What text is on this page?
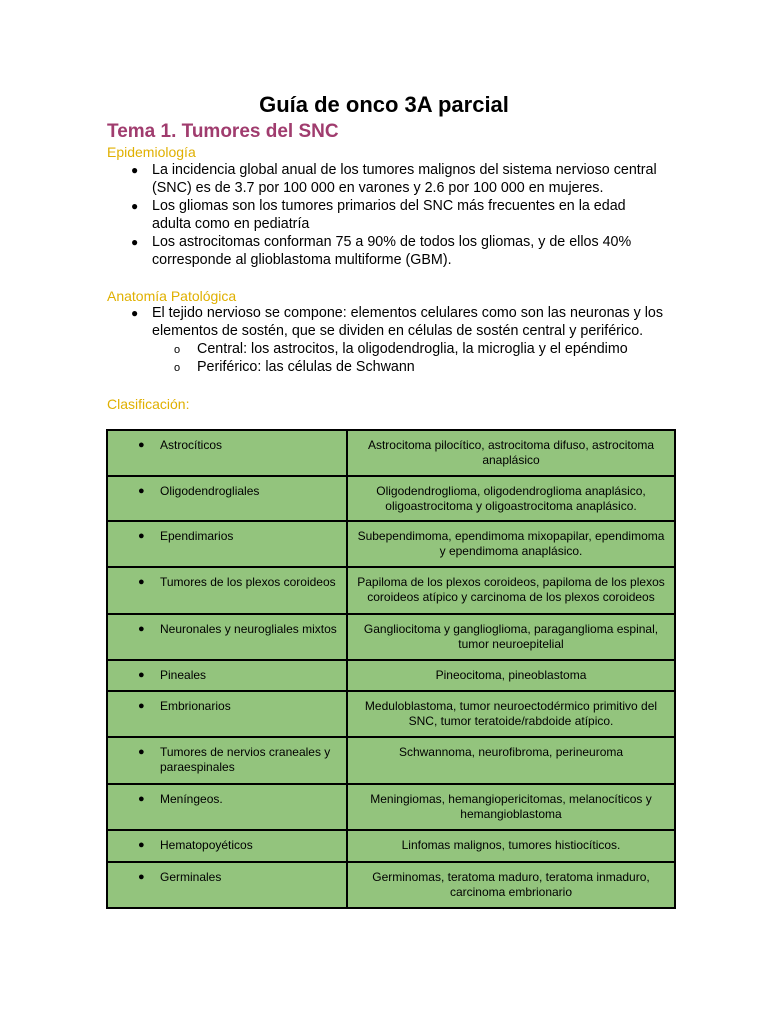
Guía de onco 3A parcial
Tema 1. Tumores del SNC
Epidemiología
● La incidencia global anual de los tumores malignos del sistema nervioso central (SNC) es de 3.7 por 100 000 en varones y 2.6 por 100 000 en mujeres.
● Los gliomas son los tumores primarios del SNC más frecuentes en la edad adulta como en pediatría
● Los astrocitomas conforman 75 a 90% de todos los gliomas, y de ellos 40% corresponde al glioblastoma multiforme (GBM).
Anatomía Patológica
● El tejido nervioso se compone: elementos celulares como son las neuronas y los elementos de sostén, que se dividen en células de sostén central y periférico.
o Central: los astrocitos, la oligodendroglia, la microglia y el epéndimo
o Periférico: las células de Schwann
Clasificación:
● Astrocíticos	Astrocitoma pilocítico, astrocitoma difuso, astrocitoma anaplásico

● Oligodendrogliales	Oligodendroglioma, oligodendroglioma anaplásico, oligoastrocitoma y oligoastrocitoma anaplásico.

● Ependimarios	Subependimoma, ependimoma mixopapilar, ependimoma y ependimoma anaplásico.

● Tumores de los plexos coroideos	Papiloma de los plexos coroideos, papiloma de los plexos coroideos atípico y carcinoma de los plexos coroideos

● Neuronales y neurogliales mixtos	Gangliocitoma y ganglioglioma, paraganglioma espinal, tumor neuroepitelial

● Pineales	Pineocitoma, pineoblastoma

● Embrionarios	Meduloblastoma, tumor neuroectodérmico primitivo del SNC, tumor teratoide/rabdoide atípico.

● Tumores de nervios craneales y paraespinales	Schwannoma, neurofibroma, perineuroma

● Meníngeos.	Meningiomas, hemangiopericitomas, melanocíticos y hemangioblastoma

● Hematopoyéticos	Linfomas malignos, tumores histiocíticos.

● Germinales	Germinomas, teratoma maduro, teratoma inmaduro, carcinoma embrionario
